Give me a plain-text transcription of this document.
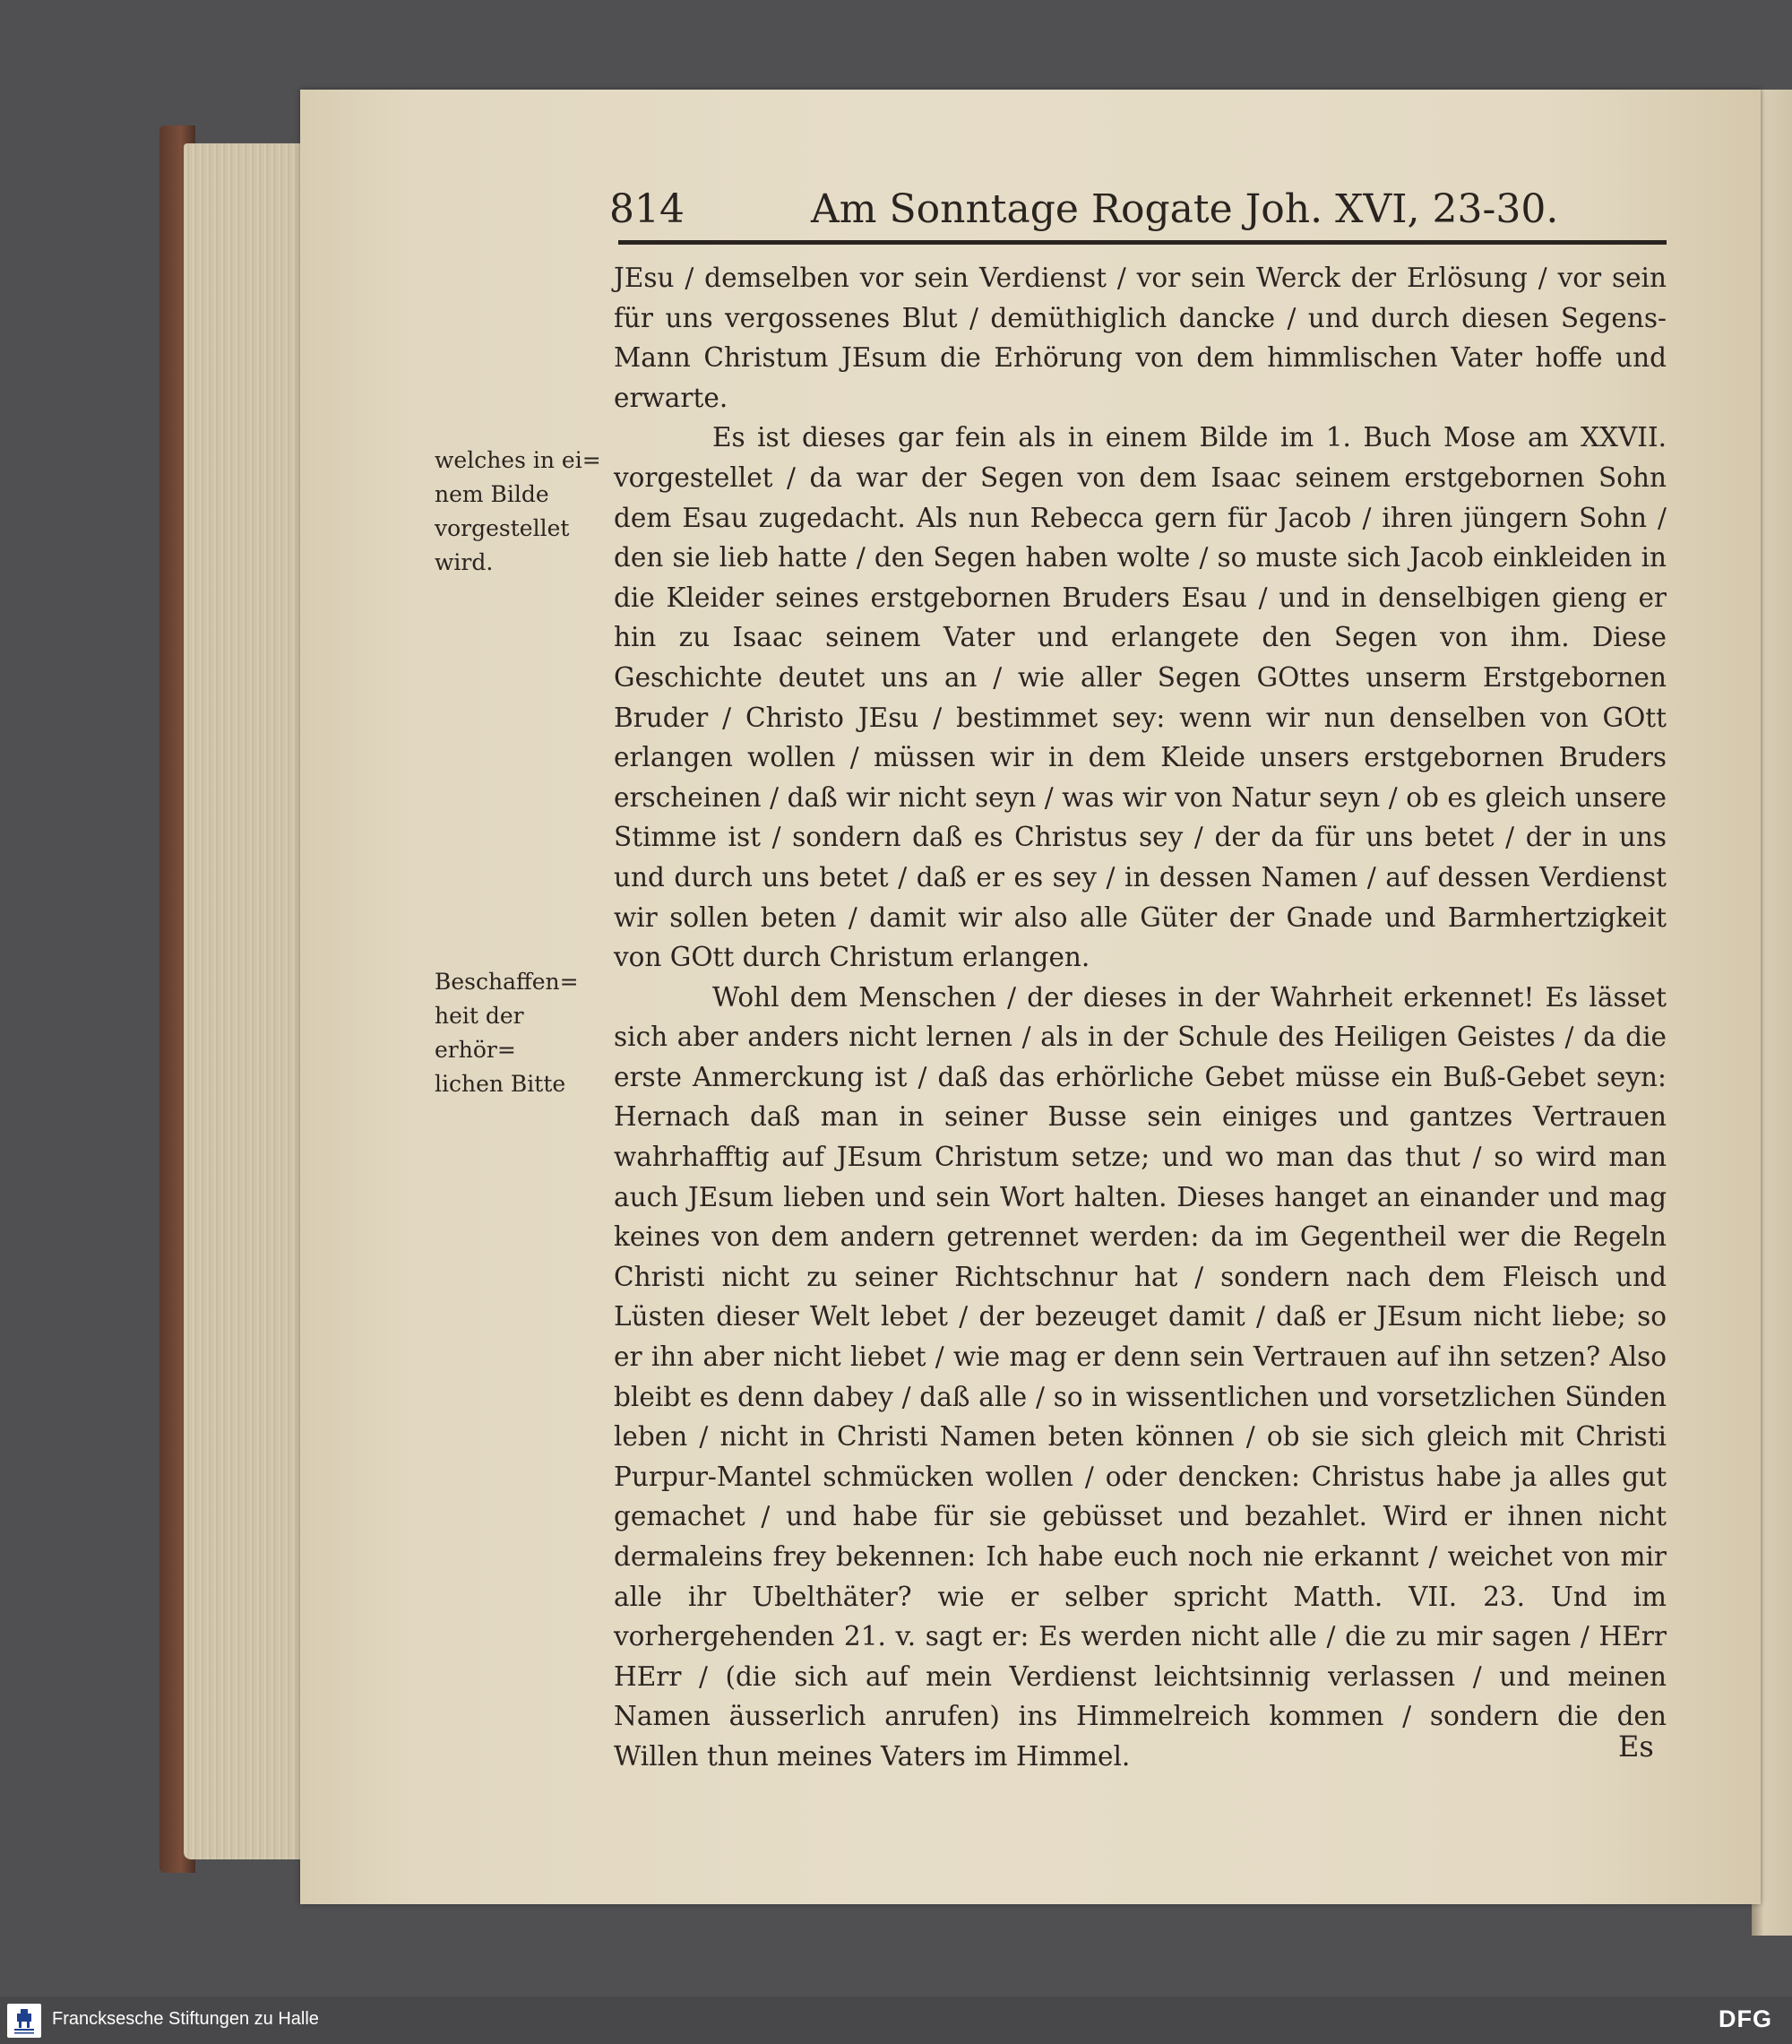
814	Am Sonntage Rogate Joh. XVI, 23-30.
welches in ei=
nem Bilde
vorgestellet
wird.
Beschaffen=
heit der erhör=
lichen Bitte

JEsu / demselben vor sein Verdienst / vor sein Werck der Erlösung / vor sein für uns vergossenes Blut / demüthiglich dancke / und durch diesen Segens-Mann Christum JEsum die Erhörung von dem himmlischen Vater hoffe und erwarte.

Es ist dieses gar fein als in einem Bilde im 1. Buch Mose am XXVII. vorgestellet / da war der Segen von dem Isaac seinem erstgebornen Sohn dem Esau zugedacht. Als nun Rebecca gern für Jacob / ihren jüngern Sohn / den sie lieb hatte / den Segen haben wolte / so muste sich Jacob einkleiden in die Kleider seines erstgebornen Bruders Esau / und in denselbigen gieng er hin zu Isaac seinem Vater und erlangete den Segen von ihm. Diese Geschichte deutet uns an / wie aller Segen GOttes unserm Erstgebornen Bruder / Christo JEsu / bestimmet sey: wenn wir nun denselben von GOtt erlangen wollen / müssen wir in dem Kleide unsers erstgebornen Bruders erscheinen / daß wir nicht seyn / was wir von Natur seyn / ob es gleich unsere Stimme ist / sondern daß es Christus sey / der da für uns betet / der in uns und durch uns betet / daß er es sey / in dessen Namen / auf dessen Verdienst wir sollen beten / damit wir also alle Güter der Gnade und Barmhertzigkeit von GOtt durch Christum erlangen.

Wohl dem Menschen / der dieses in der Wahrheit erkennet! Es lässet sich aber anders nicht lernen / als in der Schule des Heiligen Geistes / da die erste Anmerckung ist / daß das erhörliche Gebet müsse ein Buß-Gebet seyn: Hernach daß man in seiner Busse sein einiges und gantzes Vertrauen wahrhafftig auf JEsum Christum setze; und wo man das thut / so wird man auch JEsum lieben und sein Wort halten. Dieses hanget an einander und mag keines von dem andern getrennet werden: da im Gegentheil wer die Regeln Christi nicht zu seiner Richtschnur hat / sondern nach dem Fleisch und Lüsten dieser Welt lebet / der bezeuget damit / daß er JEsum nicht liebe; so er ihn aber nicht liebet / wie mag er denn sein Vertrauen auf ihn setzen? Also bleibt es denn dabey / daß alle / so in wissentlichen und vorsetzlichen Sünden leben / nicht in Christi Namen beten können / ob sie sich gleich mit Christi Purpur-Mantel schmücken wollen / oder dencken: Christus habe ja alles gut gemachet / und habe für sie gebüsset und bezahlet. Wird er ihnen nicht dermaleins frey bekennen: Ich habe euch noch nie erkannt / weichet von mir alle ihr Ubelthäter? wie er selber spricht Matth. VII. 23. Und im vorhergehenden 21. v. sagt er: Es werden nicht alle / die zu mir sagen / HErr HErr / (die sich auf mein Verdienst leichtsinnig verlassen / und meinen Namen äusserlich anrufen) ins Himmelreich kommen / sondern die den Willen thun meines Vaters im Himmel.	Es
Francksesche Stiftungen zu Halle	DFG
